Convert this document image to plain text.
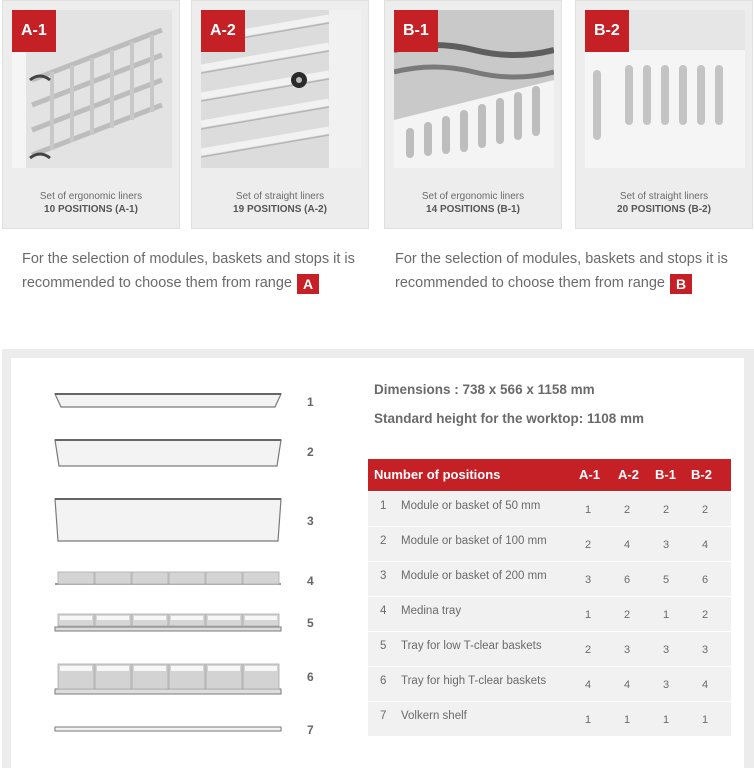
A-1
Set of ergonomic liners
10 POSITIONS (A-1)
A-2
Set of straight liners
19 POSITIONS (A-2)
B-1
Set of ergonomic liners
14 POSITIONS (B-1)
B-2
Set of straight liners
20 POSITIONS (B-2)
For the selection of modules, baskets and stops it is
recommended to choose them from range A
For the selection of modules, baskets and stops it is
recommended to choose them from range B
1
2
3
4
5
6
7
Dimensions : 738 x 566 x 1158 mm
Standard height for the worktop: 1108 mm
Number of positions	A-1 A-2 B-1 B-2
1 Module or basket of 50 mm	1	2	2	2
2 Module or basket of 100 mm	2	4	3	4
3 Module or basket of 200 mm	3	6	5	6
4 Medina tray	1	2	1	2
5 Tray for low T-clear baskets	2	3	3	3
6 Tray for high T-clear baskets	4	4	3	4
7 Volkern shelf	1	1	1	1
